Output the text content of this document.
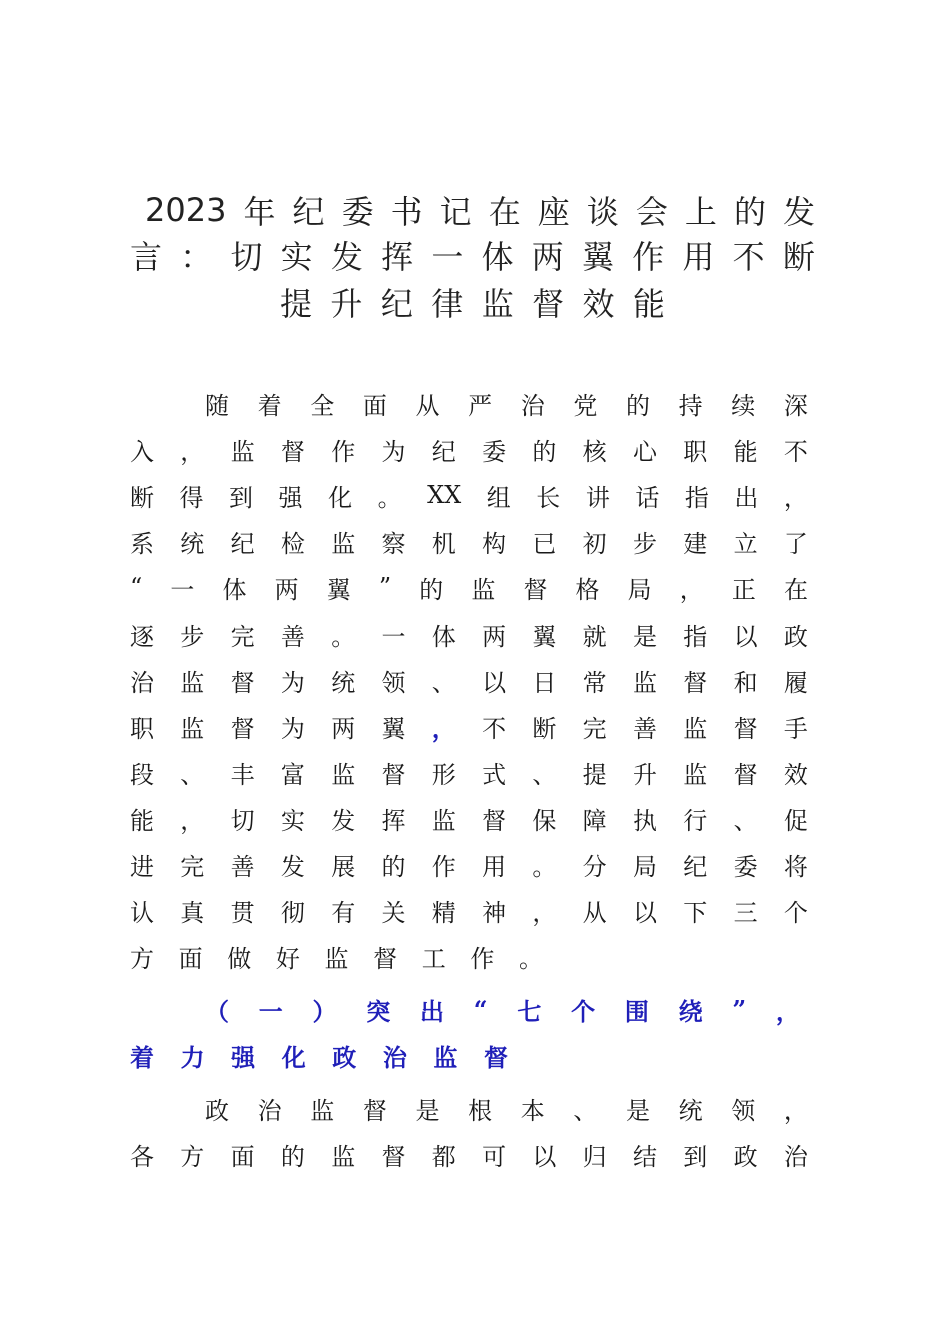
2023 年 纪 委 书 记 在 座 谈 会 上 的 发
言 ： 切 实 发 挥 一 体 两 翼 作 用 不 断
提 升 纪 律 监 督 效 能
随 着 全 面 从 严 治 党 的 持 续 深
入 ， 监 督 作 为 纪 委 的 核 心 职 能 不
断 得 到 强 化 。 XX 组 长 讲 话 指 出 ，
系 统 纪 检 监 察 机 构 已 初 步 建 立 了
“ 一 体 两 翼 ” 的 监 督 格 局 ， 正 在
逐 步 完 善 。 一 体 两 翼 就 是 指 以 政
治 监 督 为 统 领 、 以 日 常 监 督 和 履
职 监 督 为 两 翼 ， 不 断 完 善 监 督 手
段 、 丰 富 监 督 形 式 、 提 升 监 督 效
能 ， 切 实 发 挥 监 督 保 障 执 行 、 促
进 完 善 发 展 的 作 用 。 分 局 纪 委 将
认 真 贯 彻 有 关 精 神 ， 从 以 下 三 个
方 面 做 好 监 督 工 作 。
（ 一 ） 突 出 “ 七 个 围 绕 ” ，
着 力 强 化 政 治 监 督
政 治 监 督 是 根 本 、 是 统 领 ，
各 方 面 的 监 督 都 可 以 归 结 到 政 治
